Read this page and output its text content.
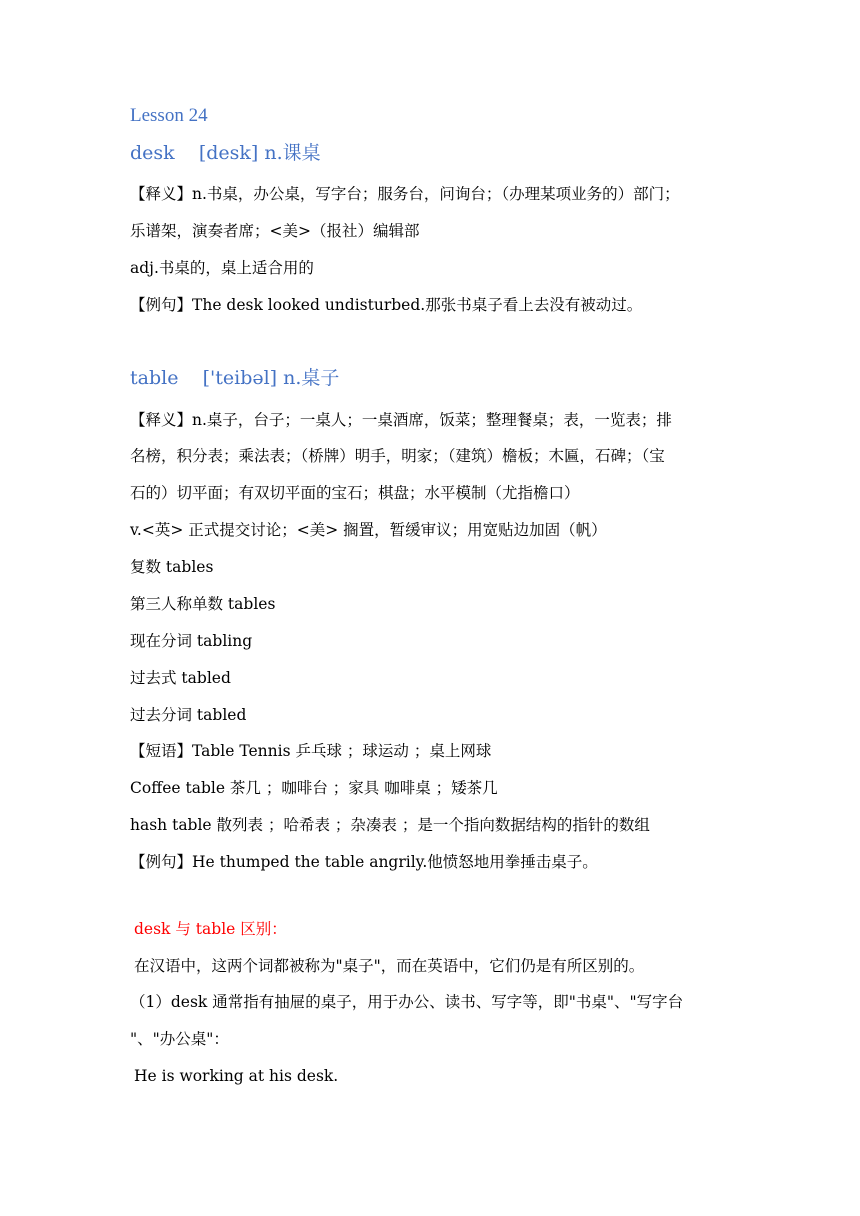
Lesson 24
desk    [desk] n.课桌
【释义】n.书桌，办公桌，写字台；服务台，问询台；（办理某项业务的）部门；
乐谱架，演奏者席；<美>（报社）编辑部
adj.书桌的，桌上适合用的
【例句】The desk looked undisturbed.那张书桌子看上去没有被动过。
table    ['teibəl] n.桌子
【释义】n.桌子，台子；一桌人；一桌酒席，饭菜；整理餐桌；表，一览表；排
名榜，积分表；乘法表；（桥牌）明手，明家；（建筑）檐板；木匾，石碑；（宝
石的）切平面；有双切平面的宝石；棋盘；水平模制（尤指檐口）
v.<英> 正式提交讨论；<美> 搁置，暂缓审议；用宽贴边加固（帆）
复数 tables
第三人称单数 tables
现在分词 tabling
过去式 tabled
过去分词 tabled
【短语】Table Tennis 乒乓球 ；球运动 ；桌上网球
Coffee table 茶几 ；咖啡台 ；家具 咖啡桌 ；矮茶几
hash table 散列表 ；哈希表 ；杂凑表 ；是一个指向数据结构的指针的数组
【例句】He thumped the table angrily.他愤怒地用拳捶击桌子。
desk 与 table 区别：
在汉语中，这两个词都被称为"桌子"，而在英语中，它们仍是有所区别的。
（1）desk 通常指有抽屉的桌子，用于办公、读书、写字等，即"书桌"、"写字台
"、"办公桌"：
He is working at his desk.
